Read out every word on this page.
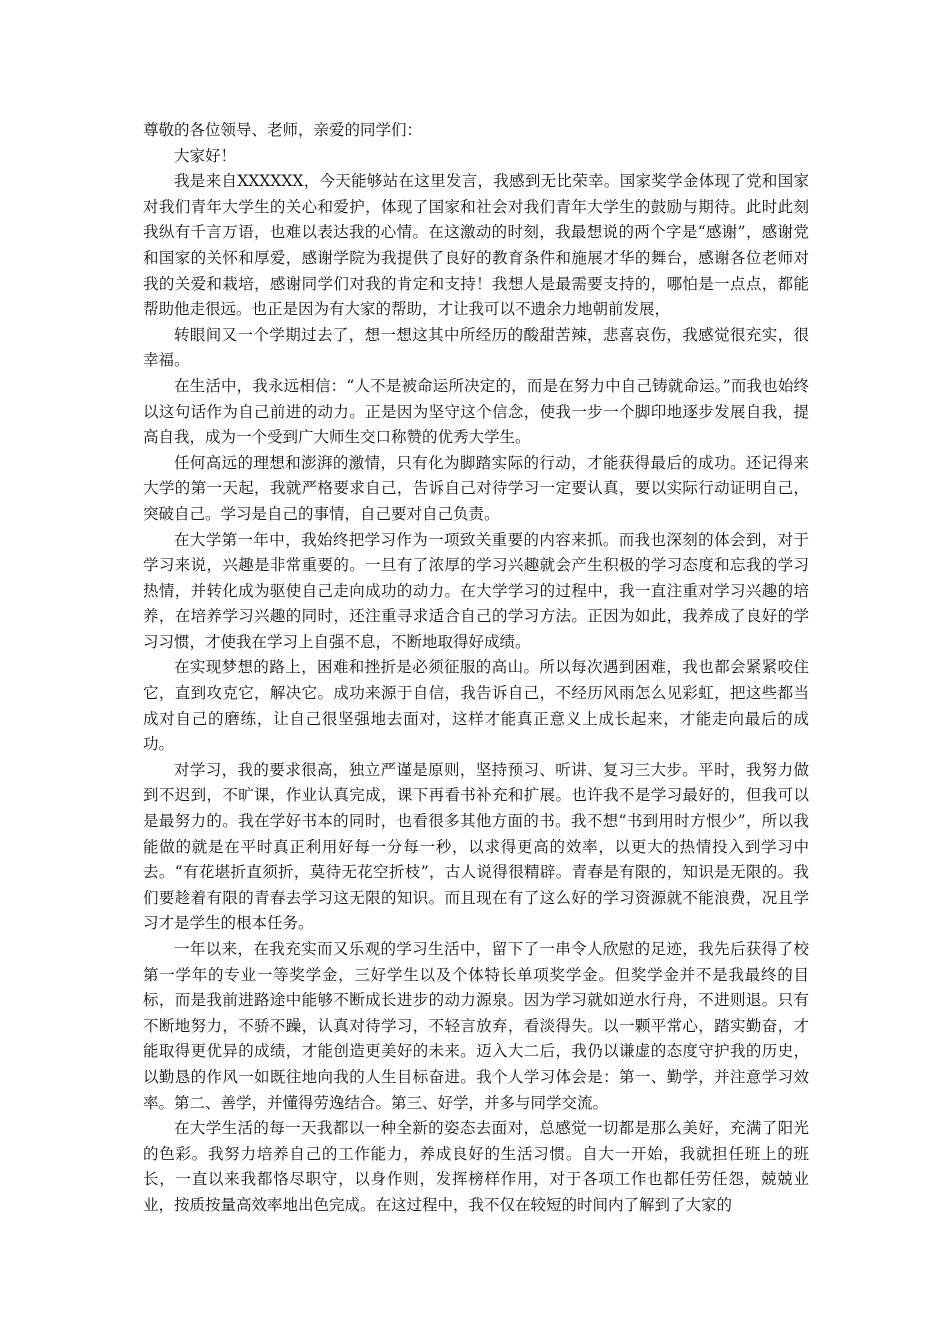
尊敬的各位领导、老师，亲爱的同学们：

大家好！

我是来自XXXXXX，今天能够站在这里发言，我感到无比荣幸。国家奖学金体现了党和国家对我们青年大学生的关心和爱护，体现了国家和社会对我们青年大学生的鼓励与期待。此时此刻我纵有千言万语，也难以表达我的心情。在这激动的时刻，我最想说的两个字是“感谢”，感谢党和国家的关怀和厚爱，感谢学院为我提供了良好的教育条件和施展才华的舞台，感谢各位老师对我的关爱和栽培，感谢同学们对我的肯定和支持！我想人是最需要支持的，哪怕是一点点，都能帮助他走很远。也正是因为有大家的帮助，才让我可以不遗余力地朝前发展，

转眼间又一个学期过去了，想一想这其中所经历的酸甜苦辣，悲喜哀伤，我感觉很充实，很幸福。

在生活中，我永远相信：“人不是被命运所决定的，而是在努力中自己铸就命运。”而我也始终以这句话作为自己前进的动力。正是因为坚守这个信念，使我一步一个脚印地逐步发展自我，提高自我，成为一个受到广大师生交口称赞的优秀大学生。

任何高远的理想和澎湃的激情，只有化为脚踏实际的行动，才能获得最后的成功。还记得来大学的第一天起，我就严格要求自己，告诉自己对待学习一定要认真，要以实际行动证明自己，突破自己。学习是自己的事情，自己要对自己负责。

在大学第一年中，我始终把学习作为一项致关重要的内容来抓。而我也深刻的体会到，对于学习来说，兴趣是非常重要的。一旦有了浓厚的学习兴趣就会产生积极的学习态度和忘我的学习热情，并转化成为驱使自己走向成功的动力。在大学学习的过程中，我一直注重对学习兴趣的培养，在培养学习兴趣的同时，还注重寻求适合自己的学习方法。正因为如此，我养成了良好的学习习惯，才使我在学习上自强不息，不断地取得好成绩。

在实现梦想的路上，困难和挫折是必须征服的高山。所以每次遇到困难，我也都会紧紧咬住它，直到攻克它，解决它。成功来源于自信，我告诉自己，不经历风雨怎么见彩虹，把这些都当成对自己的磨练，让自己很坚强地去面对，这样才能真正意义上成长起来，才能走向最后的成功。

对学习，我的要求很高，独立严谨是原则，坚持预习、听讲、复习三大步。平时，我努力做到不迟到，不旷课，作业认真完成，课下再看书补充和扩展。也许我不是学习最好的，但我可以是最努力的。我在学好书本的同时，也看很多其他方面的书。我不想“书到用时方恨少”，所以我能做的就是在平时真正利用好每一分每一秒，以求得更高的效率，以更大的热情投入到学习中去。“有花堪折直须折，莫待无花空折枝”，古人说得很精辟。青春是有限的，知识是无限的。我们要趁着有限的青春去学习这无限的知识。而且现在有了这么好的学习资源就不能浪费，况且学习才是学生的根本任务。

一年以来，在我充实而又乐观的学习生活中，留下了一串令人欣慰的足迹，我先后获得了校第一学年的专业一等奖学金，三好学生以及个体特长单项奖学金。但奖学金并不是我最终的目标，而是我前进路途中能够不断成长进步的动力源泉。因为学习就如逆水行舟，不进则退。只有不断地努力，不骄不躁，认真对待学习，不轻言放弃，看淡得失。以一颗平常心，踏实勤奋，才能取得更优异的成绩，才能创造更美好的未来。迈入大二后，我仍以谦虚的态度守护我的历史，以勤恳的作风一如既往地向我的人生目标奋进。我个人学习体会是：第一、勤学，并注意学习效率。第二、善学，并懂得劳逸结合。第三、好学，并多与同学交流。

在大学生活的每一天我都以一种全新的姿态去面对，总感觉一切都是那么美好，充满了阳光的色彩。我努力培养自己的工作能力，养成良好的生活习惯。自大一开始，我就担任班上的班长，一直以来我都恪尽职守，以身作则，发挥榜样作用，对于各项工作也都任劳任怨，兢兢业业，按质按量高效率地出色完成。在这过程中，我不仅在较短的时间内了解到了大家的
